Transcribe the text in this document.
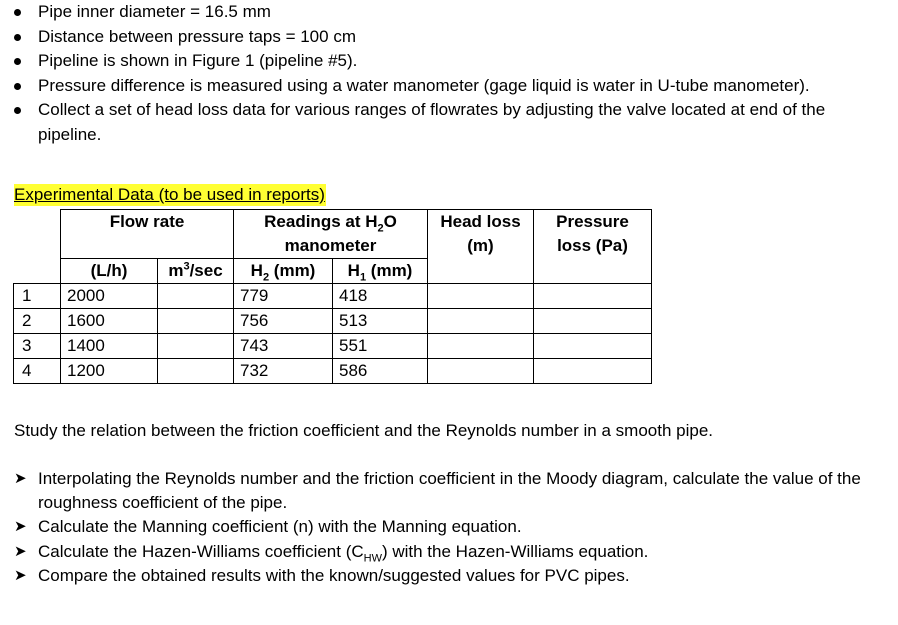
Pipe inner diameter = 16.5 mm
Distance between pressure taps = 100 cm
Pipeline is shown in Figure 1 (pipeline #5).
Pressure difference is measured using a water manometer (gage liquid is water in U-tube manometer).
Collect a set of head loss data for various ranges of flowrates by adjusting the valve located at end of the pipeline.
Experimental Data (to be used in reports)
	Flow rate		Readings at $H_2O$ manometer		Head loss (m)	Pressure loss (Pa)
	(L/h)	$m^3/\sec$	$H_2$ (mm)	$H_1$ (mm)		
1	2000		779	418		
2	1600		756	513		
3	1400		743	551		
4	1200		732	586		
Study the relation between the friction coefficient and the Reynolds number in a smooth pipe.
➤ Interpolating the Reynolds number and the friction coefficient in the Moody diagram, calculate the value of the roughness coefficient of the pipe.
➤ Calculate the Manning coefficient (n) with the Manning equation.
➤ Calculate the Hazen-Williams coefficient $(C_{HW})$ with the Hazen-Williams equation.
➤ Compare the obtained results with the known/suggested values for PVC pipes.
